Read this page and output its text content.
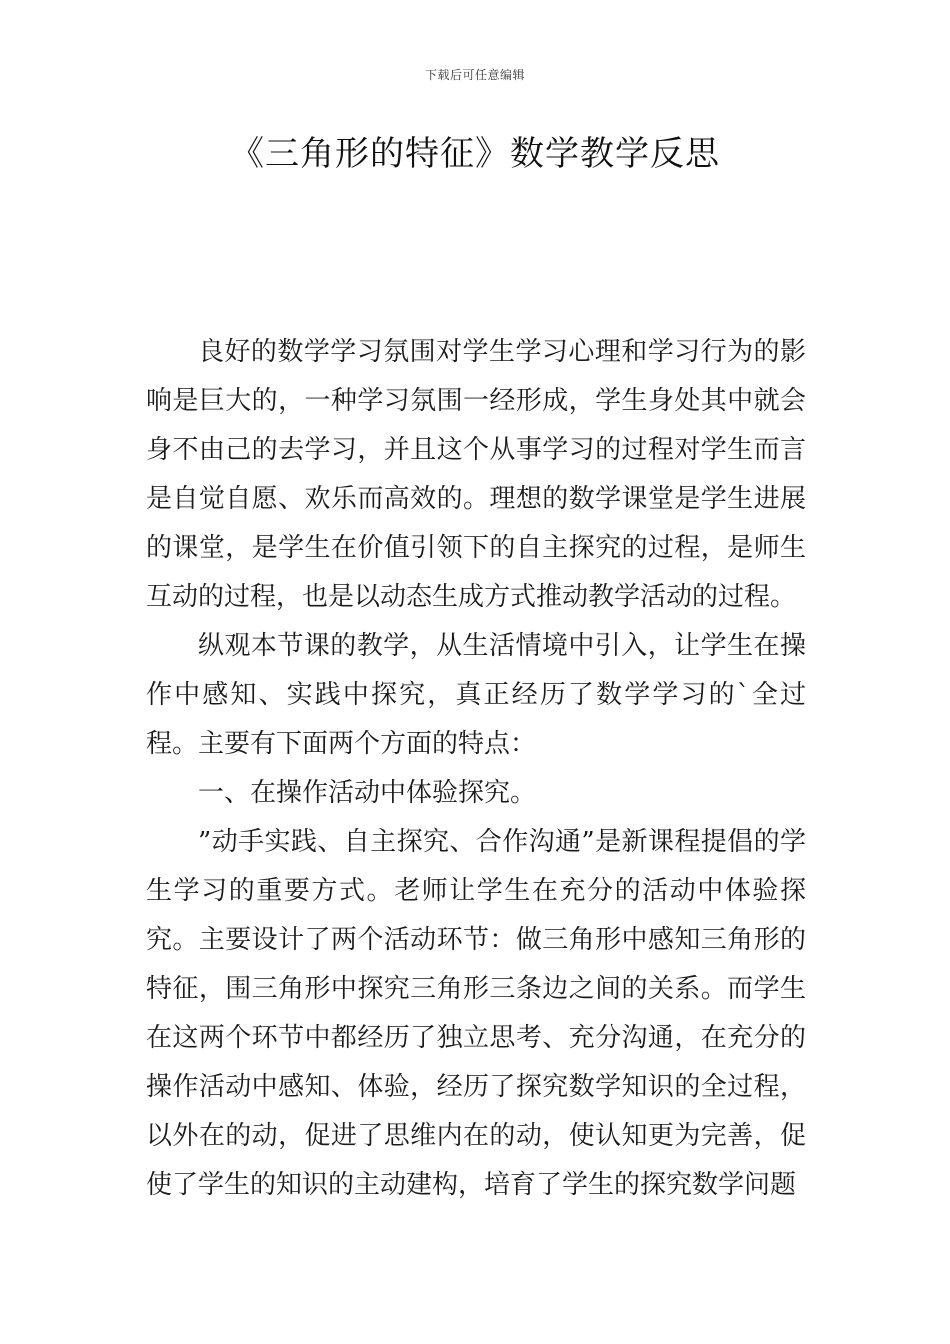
下载后可任意编辑
《三角形的特征》数学教学反思

良好的数学学习氛围对学生学习心理和学习行为的影响是巨大的，一种学习氛围一经形成，学生身处其中就会身不由己的去学习，并且这个从事学习的过程对学生而言是自觉自愿、欢乐而高效的。理想的数学课堂是学生进展的课堂，是学生在价值引领下的自主探究的过程，是师生互动的过程，也是以动态生成方式推动教学活动的过程。

纵观本节课的教学，从生活情境中引入，让学生在操作中感知、实践中探究，真正经历了数学学习的`全过程。主要有下面两个方面的特点：

一、在操作活动中体验探究。

”动手实践、自主探究、合作沟通”是新课程提倡的学生学习的重要方式。老师让学生在充分的活动中体验探究。主要设计了两个活动环节：做三角形中感知三角形的特征，围三角形中探究三角形三条边之间的关系。而学生在这两个环节中都经历了独立思考、充分沟通，在充分的操作活动中感知、体验，经历了探究数学知识的全过程，以外在的动，促进了思维内在的动，使认知更为完善，促使了学生的知识的主动建构，培育了学生的探究数学问题
